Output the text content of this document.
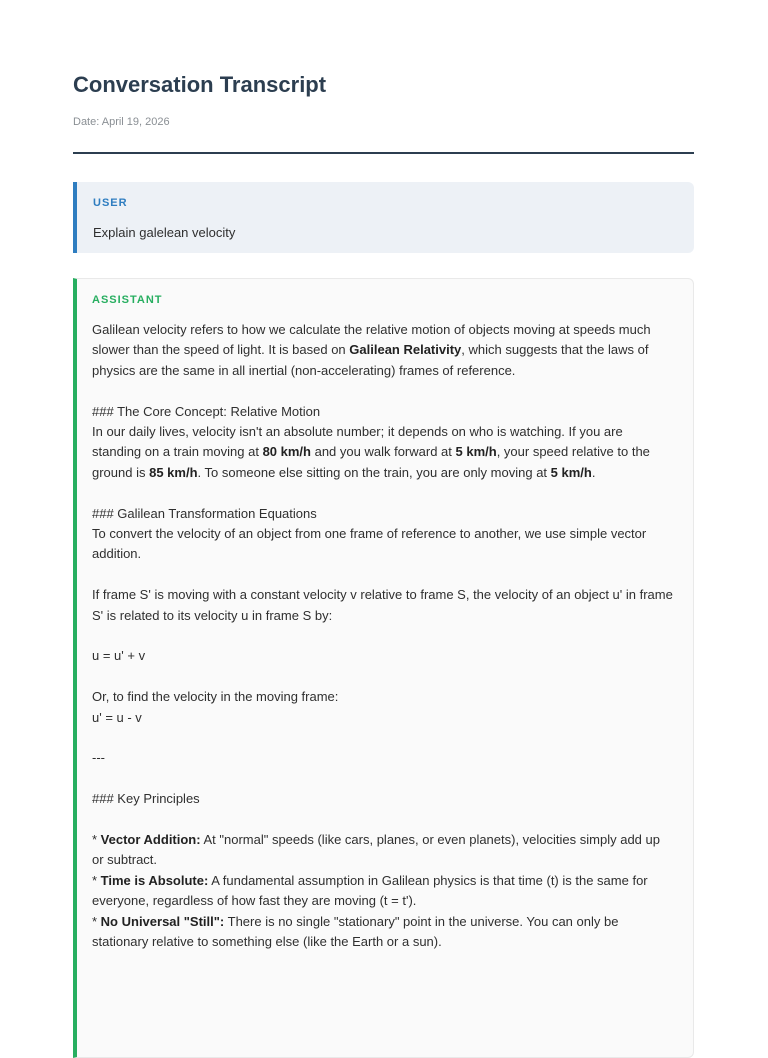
Conversation Transcript
Date: April 19, 2026
USER
Explain galelean velocity
ASSISTANT

Galilean velocity refers to how we calculate the relative motion of objects moving at speeds much slower than the speed of light. It is based on Galilean Relativity, which suggests that the laws of physics are the same in all inertial (non-accelerating) frames of reference.

### The Core Concept: Relative Motion

In our daily lives, velocity isn't an absolute number; it depends on who is watching. If you are standing on a train moving at 80 km/h and you walk forward at 5 km/h, your speed relative to the ground is 85 km/h. To someone else sitting on the train, you are only moving at 5 km/h.

### Galilean Transformation Equations

To convert the velocity of an object from one frame of reference to another, we use simple vector addition.

If frame S' is moving with a constant velocity v relative to frame S, the velocity of an object u' in frame S' is related to its velocity u in frame S by:

u = u' + v

Or, to find the velocity in the moving frame:

u' = u - v

---

### Key Principles

* Vector Addition: At "normal" speeds (like cars, planes, or even planets), velocities simply add up or subtract.

* Time is Absolute: A fundamental assumption in Galilean physics is that time (t) is the same for everyone, regardless of how fast they are moving (t = t').

* No Universal "Still": There is no single "stationary" point in the universe. You can only be stationary relative to something else (like the Earth or a sun).
